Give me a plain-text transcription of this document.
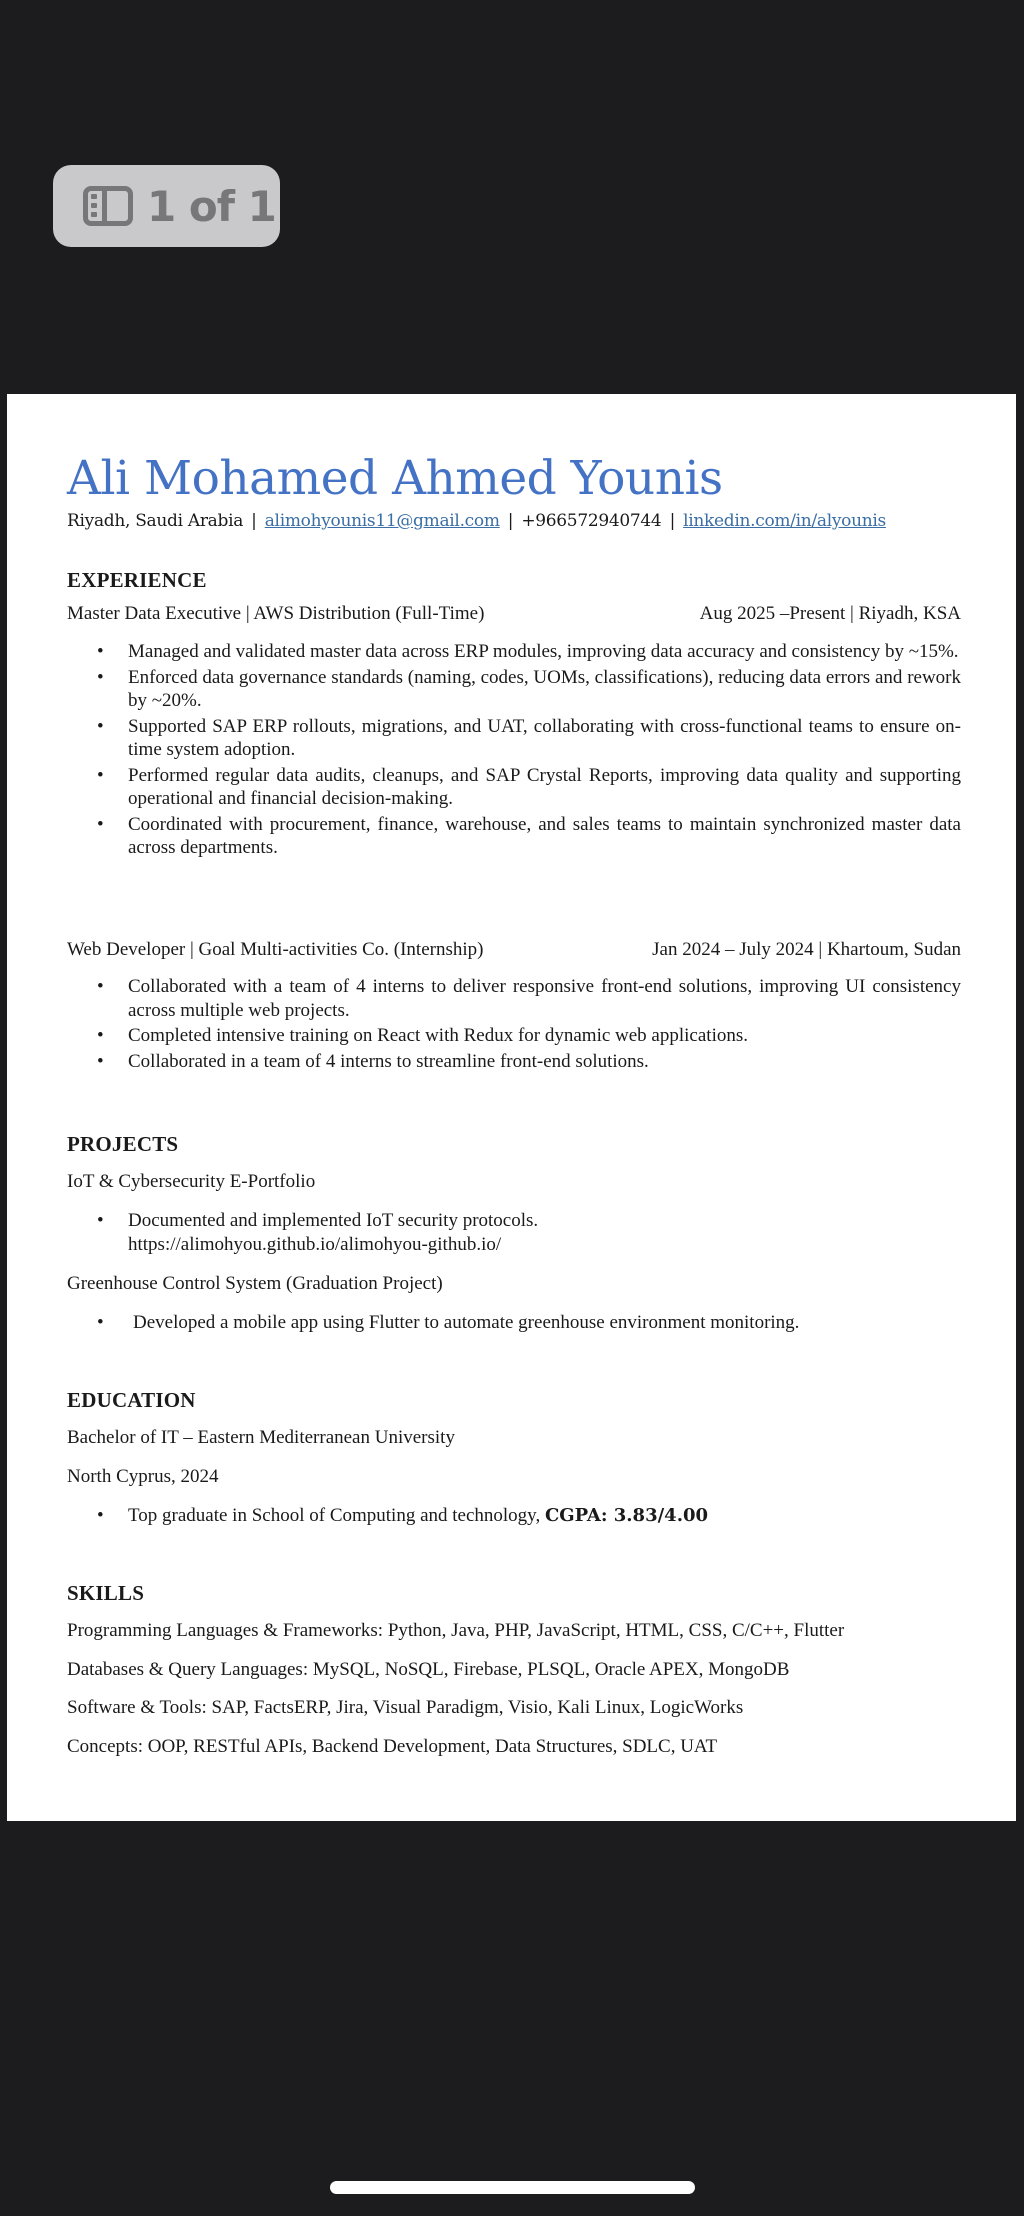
1 of 1
Ali Mohamed Ahmed Younis
Riyadh, Saudi Arabia | alimohyounis11@gmail.com | +966572940744 | linkedin.com/in/alyounis
EXPERIENCE
Master Data Executive | AWS Distribution (Full-Time)	Aug 2025 –Present | Riyadh, KSA
• Managed and validated master data across ERP modules, improving data accuracy and consistency by ~15%.
• Enforced data governance standards (naming, codes, UOMs, classifications), reducing data errors and rework by ~20%.
• Supported SAP ERP rollouts, migrations, and UAT, collaborating with cross-functional teams to ensure on-time system adoption.
• Performed regular data audits, cleanups, and SAP Crystal Reports, improving data quality and supporting operational and financial decision-making.
• Coordinated with procurement, finance, warehouse, and sales teams to maintain synchronized master data across departments.
Web Developer | Goal Multi-activities Co. (Internship)	Jan 2024 – July 2024 | Khartoum, Sudan
• Collaborated with a team of 4 interns to deliver responsive front-end solutions, improving UI consistency across multiple web projects.
• Completed intensive training on React with Redux for dynamic web applications.
• Collaborated in a team of 4 interns to streamline front-end solutions.
PROJECTS
IoT & Cybersecurity E-Portfolio
• Documented and implemented IoT security protocols.
https://alimohyou.github.io/alimohyou-github.io/
Greenhouse Control System (Graduation Project)
• Developed a mobile app using Flutter to automate greenhouse environment monitoring.
EDUCATION
Bachelor of IT – Eastern Mediterranean University
North Cyprus, 2024
• Top graduate in School of Computing and technology, CGPA: 3.83/4.00
SKILLS
Programming Languages & Frameworks: Python, Java, PHP, JavaScript, HTML, CSS, C/C++, Flutter
Databases & Query Languages: MySQL, NoSQL, Firebase, PLSQL, Oracle APEX, MongoDB
Software & Tools: SAP, FactsERP, Jira, Visual Paradigm, Visio, Kali Linux, LogicWorks
Concepts: OOP, RESTful APIs, Backend Development, Data Structures, SDLC, UAT
